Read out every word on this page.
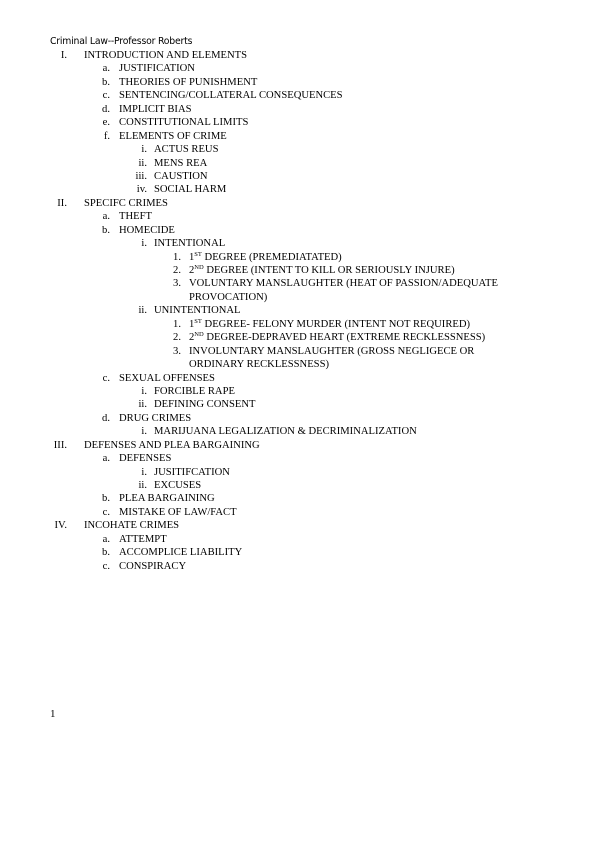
Criminal Law--Professor Roberts
I. INTRODUCTION AND ELEMENTS
a. JUSTIFICATION
b. THEORIES OF PUNISHMENT
c. SENTENCING/COLLATERAL CONSEQUENCES
d. IMPLICIT BIAS
e. CONSTITUTIONAL LIMITS
f. ELEMENTS OF CRIME
i. ACTUS REUS
ii. MENS REA
iii. CAUSTION
iv. SOCIAL HARM
II. SPECIFC CRIMES
a. THEFT
b. HOMECIDE
i. INTENTIONAL
1. 1ST DEGREE (PREMEDIATATED)
2. 2ND DEGREE (INTENT TO KILL OR SERIOUSLY INJURE)
3. VOLUNTARY MANSLAUGHTER (HEAT OF PASSION/ADEQUATE
PROVOCATION)
ii. UNINTENTIONAL
1. 1ST DEGREE- FELONY MURDER (INTENT NOT REQUIRED)
2. 2ND DEGREE-DEPRAVED HEART (EXTREME RECKLESSNESS)
3. INVOLUNTARY MANSLAUGHTER (GROSS NEGLIGECE OR
ORDINARY RECKLESSNESS)
c. SEXUAL OFFENSES
i. FORCIBLE RAPE
ii. DEFINING CONSENT
d. DRUG CRIMES
i. MARIJUANA LEGALIZATION & DECRIMINALIZATION
III. DEFENSES AND PLEA BARGAINING
a. DEFENSES
i. JUSITIFCATION
ii. EXCUSES
b. PLEA BARGAINING
c. MISTAKE OF LAW/FACT
IV. INCOHATE CRIMES
a. ATTEMPT
b. ACCOMPLICE LIABILITY
c. CONSPIRACY
1
